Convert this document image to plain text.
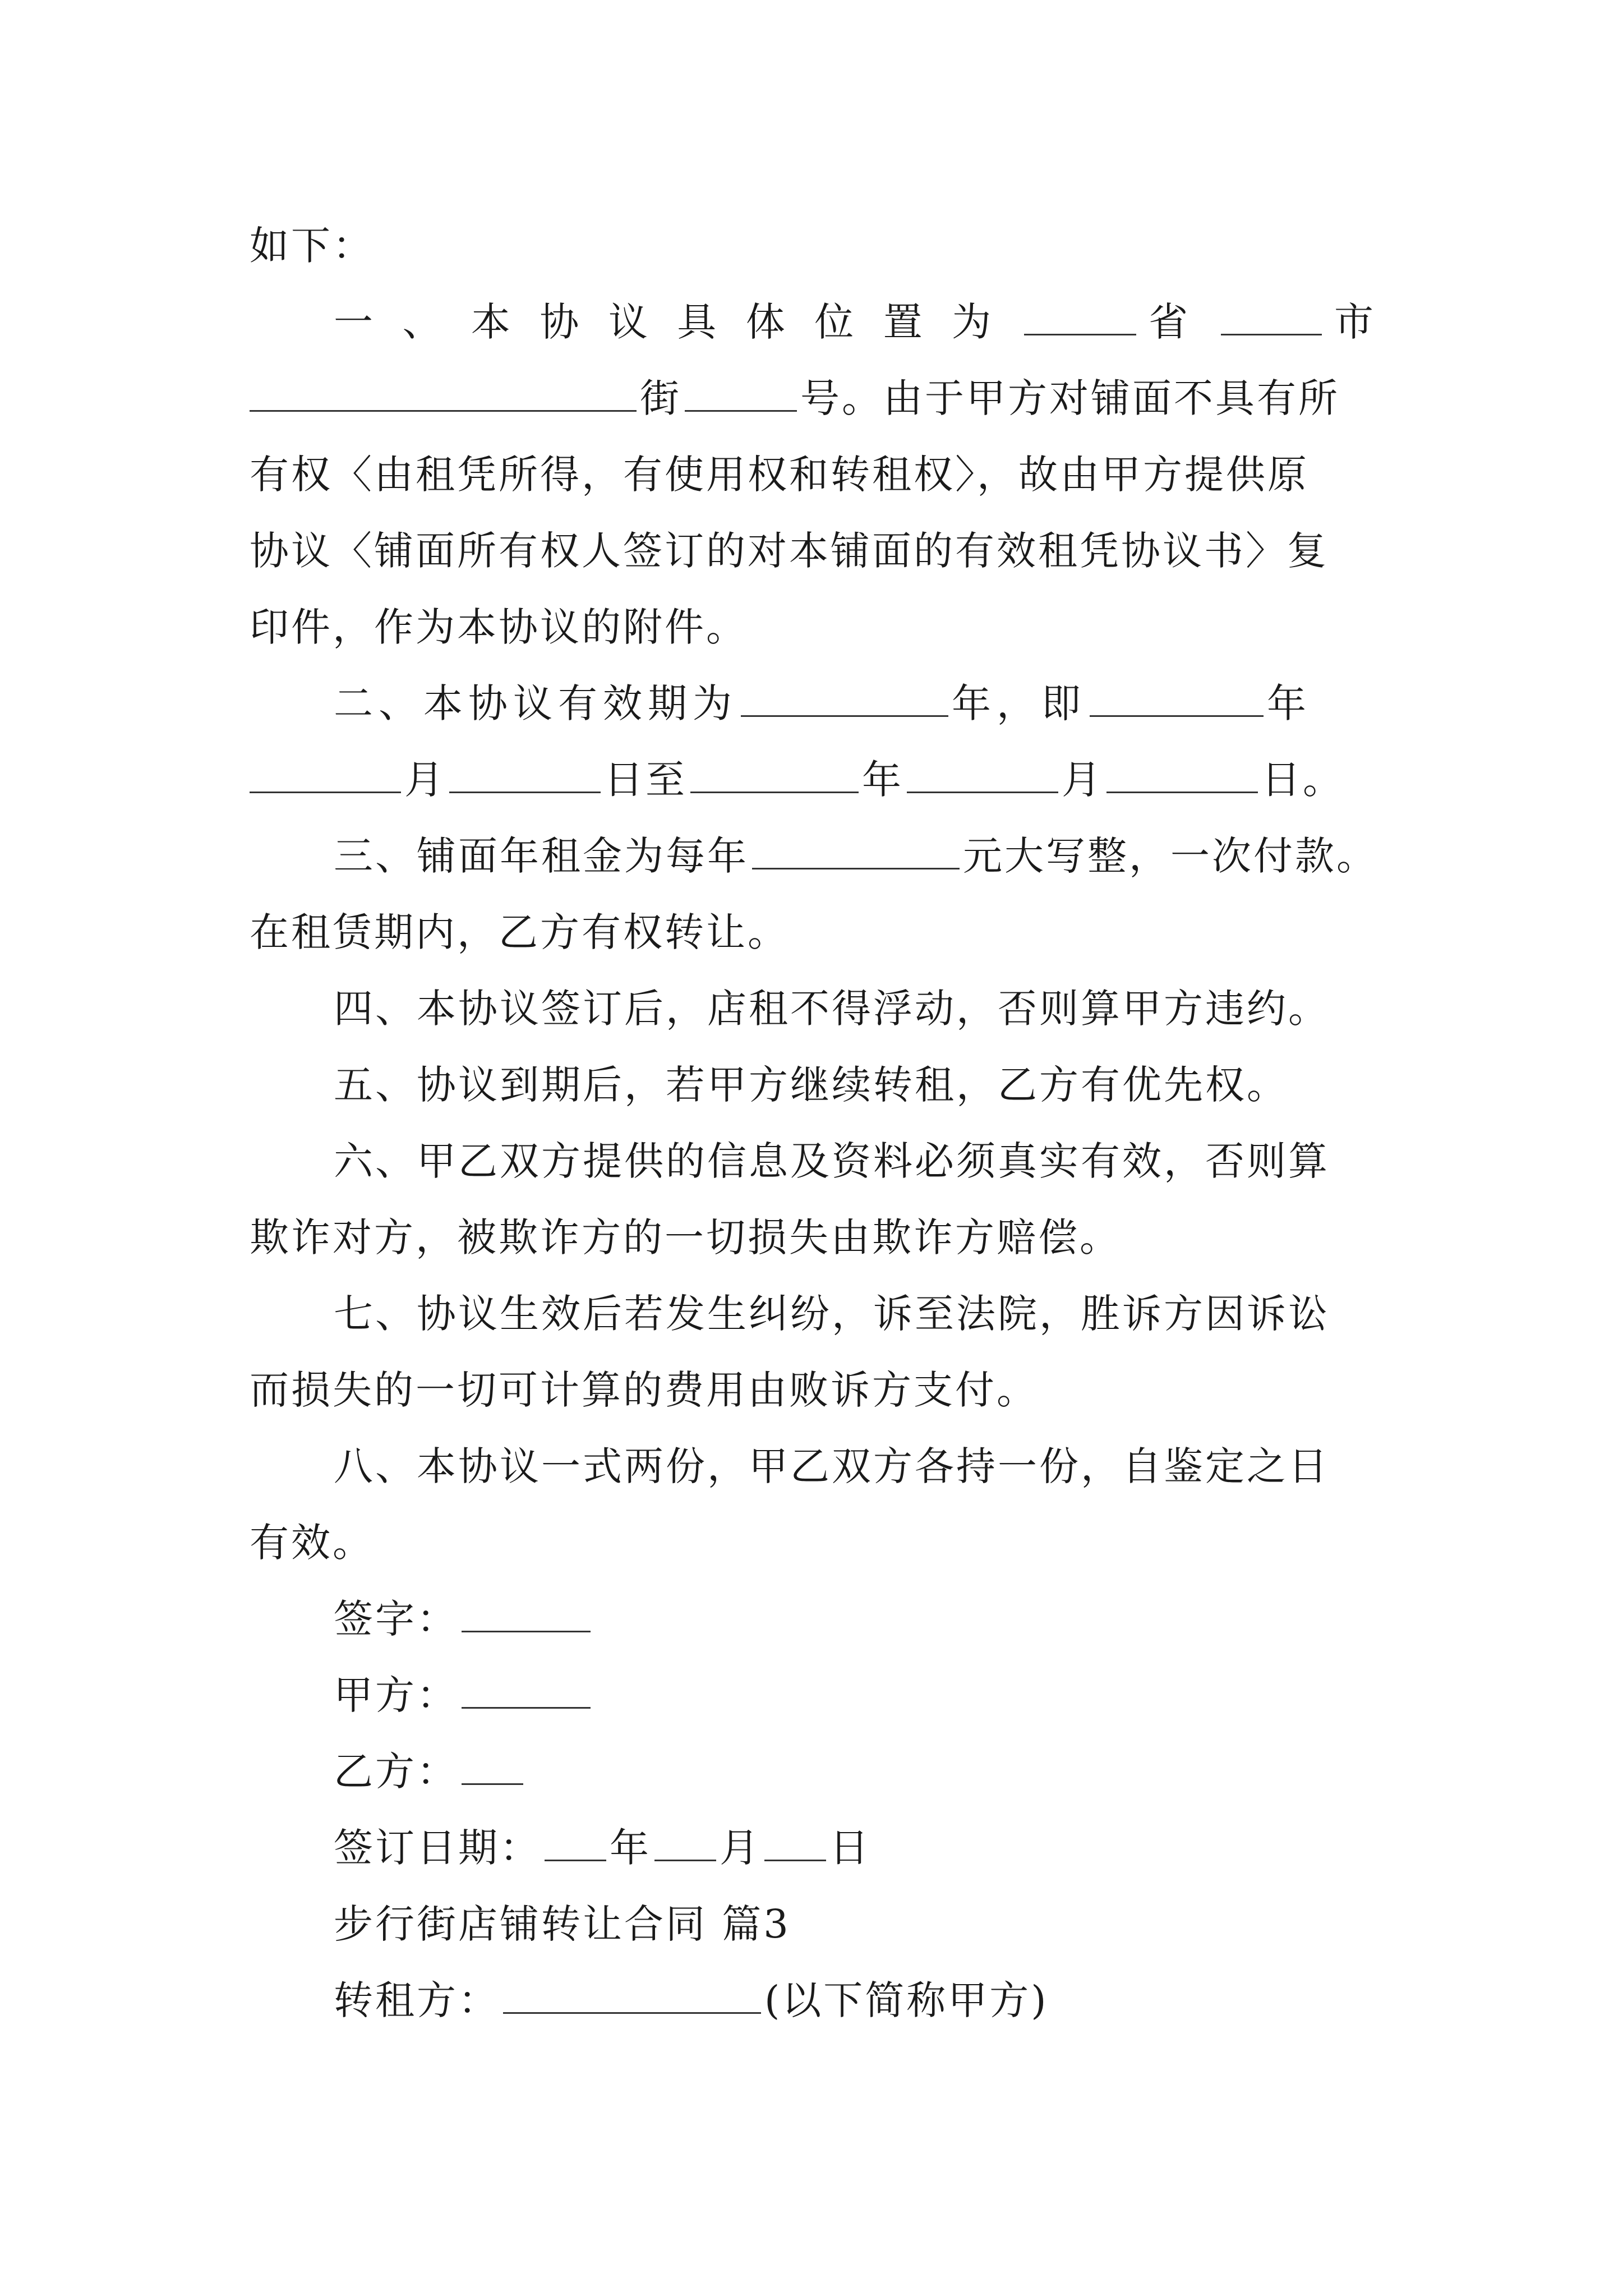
如下：
一、本协议具体位置为	省	市
街	号。由于甲方对铺面不具有所
有权〈由租凭所得，有使用权和转租权〉，故由甲方提供原
协议〈铺面所有权人签订的对本铺面的有效租凭协议书〉复
印件，作为本协议的附件。
二、本协议有效期为	年，即	年
月	日至	年	月	日。
三、铺面年租金为每年	元大写整，一次付款。
在租赁期内，乙方有权转让。
四、本协议签订后，店租不得浮动，否则算甲方违约。
五、协议到期后，若甲方继续转租，乙方有优先权。
六、甲乙双方提供的信息及资料必须真实有效，否则算
欺诈对方，被欺诈方的一切损失由欺诈方赔偿。
七、协议生效后若发生纠纷，诉至法院，胜诉方因诉讼
而损失的一切可计算的费用由败诉方支付。
八、本协议一式两份，甲乙双方各持一份，自鉴定之日
有效。
签字：
甲方：
乙方：
签订日期： 年 月 日
步行街店铺转让合同 篇3
转租方：	(以下简称甲方)
